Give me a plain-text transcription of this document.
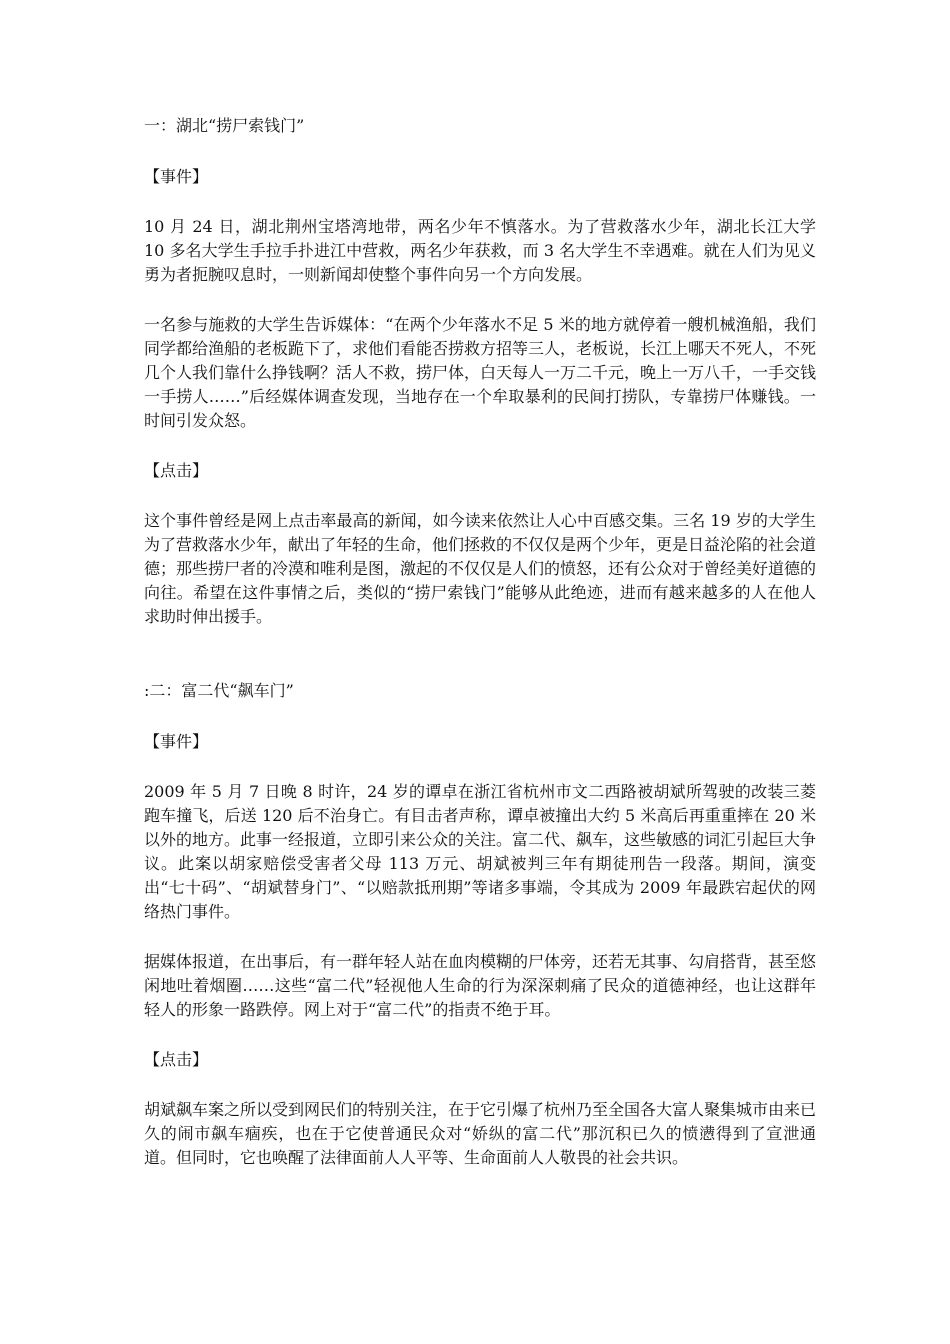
一：湖北“捞尸索钱门”

【事件】

10 月 24 日，湖北荆州宝塔湾地带，两名少年不慎落水。为了营救落水少年，湖北长江大学 10 多名大学生手拉手扑进江中营救，两名少年获救，而 3 名大学生不幸遇难。就在人们为见义勇为者扼腕叹息时，一则新闻却使整个事件向另一个方向发展。

一名参与施救的大学生告诉媒体：“在两个少年落水不足 5 米的地方就停着一艘机械渔船，我们同学都给渔船的老板跪下了，求他们看能否捞救方招等三人，老板说，长江上哪天不死人，不死几个人我们靠什么挣钱啊？活人不救，捞尸体，白天每人一万二千元，晚上一万八千，一手交钱一手捞人……”后经媒体调查发现，当地存在一个牟取暴利的民间打捞队，专靠捞尸体赚钱。一时间引发众怒。

【点击】

这个事件曾经是网上点击率最高的新闻，如今读来依然让人心中百感交集。三名 19 岁的大学生为了营救落水少年，献出了年轻的生命，他们拯救的不仅仅是两个少年，更是日益沦陷的社会道德；那些捞尸者的冷漠和唯利是图，激起的不仅仅是人们的愤怒，还有公众对于曾经美好道德的向往。希望在这件事情之后，类似的“捞尸索钱门”能够从此绝迹，进而有越来越多的人在他人求助时伸出援手。

:二：富二代“飙车门”

【事件】

2009 年 5 月 7 日晚 8 时许，24 岁的谭卓在浙江省杭州市文二西路被胡斌所驾驶的改装三菱跑车撞飞，后送 120 后不治身亡。有目击者声称，谭卓被撞出大约 5 米高后再重重摔在 20 米以外的地方。此事一经报道，立即引来公众的关注。富二代、飙车，这些敏感的词汇引起巨大争议。此案以胡家赔偿受害者父母 113 万元、胡斌被判三年有期徒刑告一段落。期间，演变出“七十码”、“胡斌替身门”、“以赔款抵刑期”等诸多事端，令其成为 2009 年最跌宕起伏的网络热门事件。

据媒体报道，在出事后，有一群年轻人站在血肉模糊的尸体旁，还若无其事、勾肩搭背，甚至悠闲地吐着烟圈……这些“富二代”轻视他人生命的行为深深刺痛了民众的道德神经，也让这群年轻人的形象一路跌停。网上对于“富二代”的指责不绝于耳。

【点击】

胡斌飙车案之所以受到网民们的特别关注，在于它引爆了杭州乃至全国各大富人聚集城市由来已久的闹市飙车痼疾，也在于它使普通民众对“娇纵的富二代”那沉积已久的愤懑得到了宣泄通道。但同时，它也唤醒了法律面前人人平等、生命面前人人敬畏的社会共识。
